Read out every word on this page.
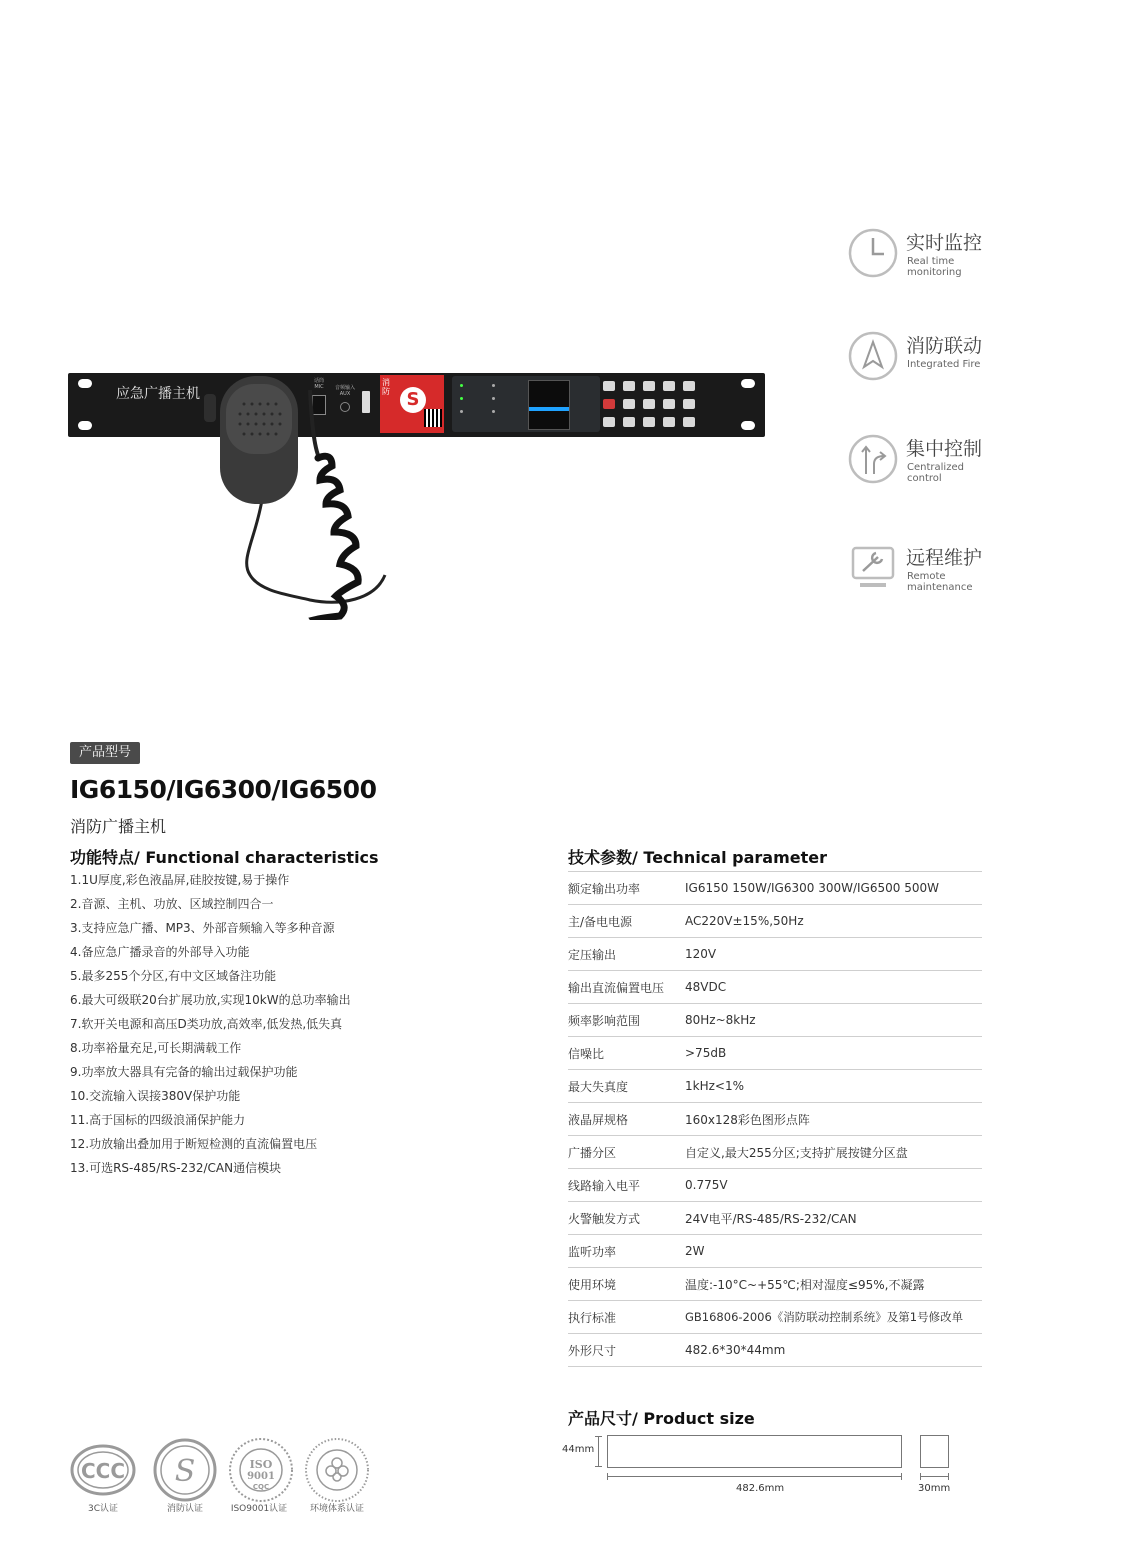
应急广播主机
话筒
MIC	音频输入
AUX
消防 S
实时监控
Real time
monitoring
消防联动
Integrated Fire
集中控制
Centralized
control
远程维护
Remote
maintenance
产品型号
IG6150/IG6300/IG6500
消防广播主机
功能特点/ Functional characteristics
1.1U厚度,彩色液晶屏,硅胶按键,易于操作
2.音源、主机、功放、区域控制四合一
3.支持应急广播、MP3、外部音频输入等多种音源
4.备应急广播录音的外部导入功能
5.最多255个分区,有中文区域备注功能
6.最大可级联20台扩展功放,实现10kW的总功率输出
7.软开关电源和高压D类功放,高效率,低发热,低失真
8.功率裕量充足,可长期满载工作
9.功率放大器具有完备的输出过载保护功能
10.交流输入误接380V保护功能
11.高于国标的四级浪涌保护能力
12.功放输出叠加用于断短检测的直流偏置电压
13.可选RS-485/RS-232/CAN通信模块
技术参数/ Technical parameter
额定输出功率	IG6150 150W/IG6300 300W/IG6500 500W
主/备电电源	AC220V±15%,50Hz
定压输出	120V
输出直流偏置电压	48VDC
频率影响范围	80Hz~8kHz
信噪比	>75dB
最大失真度	1kHz<1%
液晶屏规格	160x128彩色图形点阵
广播分区	自定义,最大255分区;支持扩展按键分区盘
线路输入电平	0.775V
火警触发方式	24V电平/RS-485/RS-232/CAN
监听功率	2W
使用环境	温度:-10°C~+55℃;相对湿度≤95%,不凝露
执行标准	GB16806-2006《消防联动控制系统》及第1号修改单
外形尺寸	482.6*30*44mm
产品尺寸/ Product size
44mm
482.6mm	30mm
CCC
3C认证
S
消防认证
ISO
9001
CQC
ISO9001认证	环境体系认证
